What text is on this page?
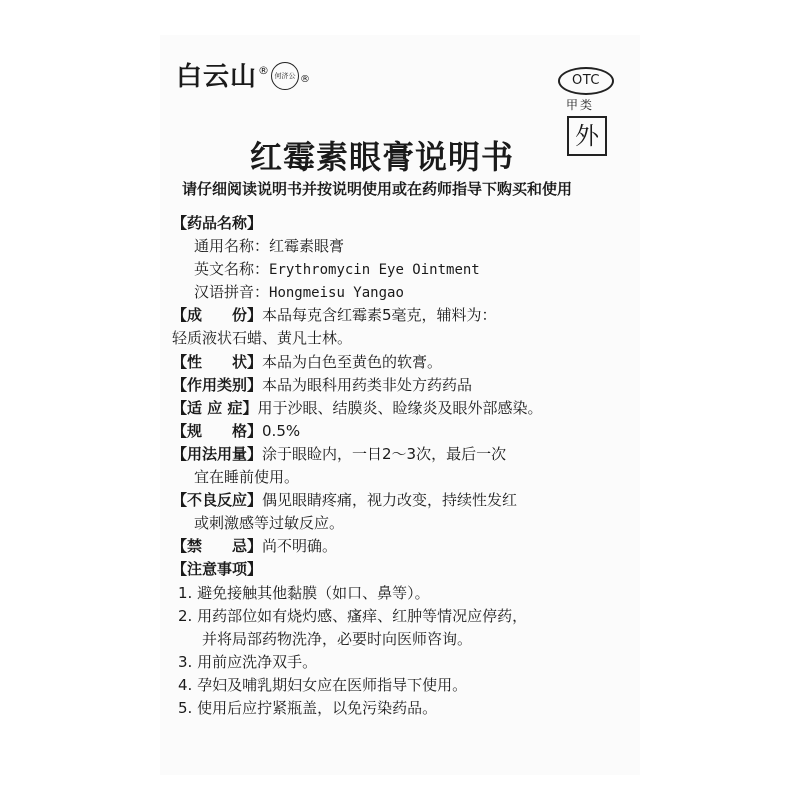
白云山 ® 何济公 ®	OTC
甲类
外
红霉素眼膏说明书
请仔细阅读说明书并按说明使用或在药师指导下购买和使用
【药品名称】
通用名称：红霉素眼膏
英文名称：Erythromycin Eye Ointment
汉语拼音：Hongmeisu Yangao
【成　　份】本品每克含红霉素5毫克，辅料为：
轻质液状石蜡、黄凡士林。
【性　　状】本品为白色至黄色的软膏。
【作用类别】本品为眼科用药类非处方药药品
【适 应 症】用于沙眼、结膜炎、睑缘炎及眼外部感染。
【规　　格】0.5%
【用法用量】涂于眼睑内，一日2～3次，最后一次
宜在睡前使用。
【不良反应】偶见眼睛疼痛，视力改变，持续性发红
或刺激感等过敏反应。
【禁　　忌】尚不明确。
【注意事项】
1. 避免接触其他黏膜（如口、鼻等）。
2. 用药部位如有烧灼感、瘙痒、红肿等情况应停药，
并将局部药物洗净，必要时向医师咨询。
3. 用前应洗净双手。
4. 孕妇及哺乳期妇女应在医师指导下使用。
5. 使用后应拧紧瓶盖，以免污染药品。
